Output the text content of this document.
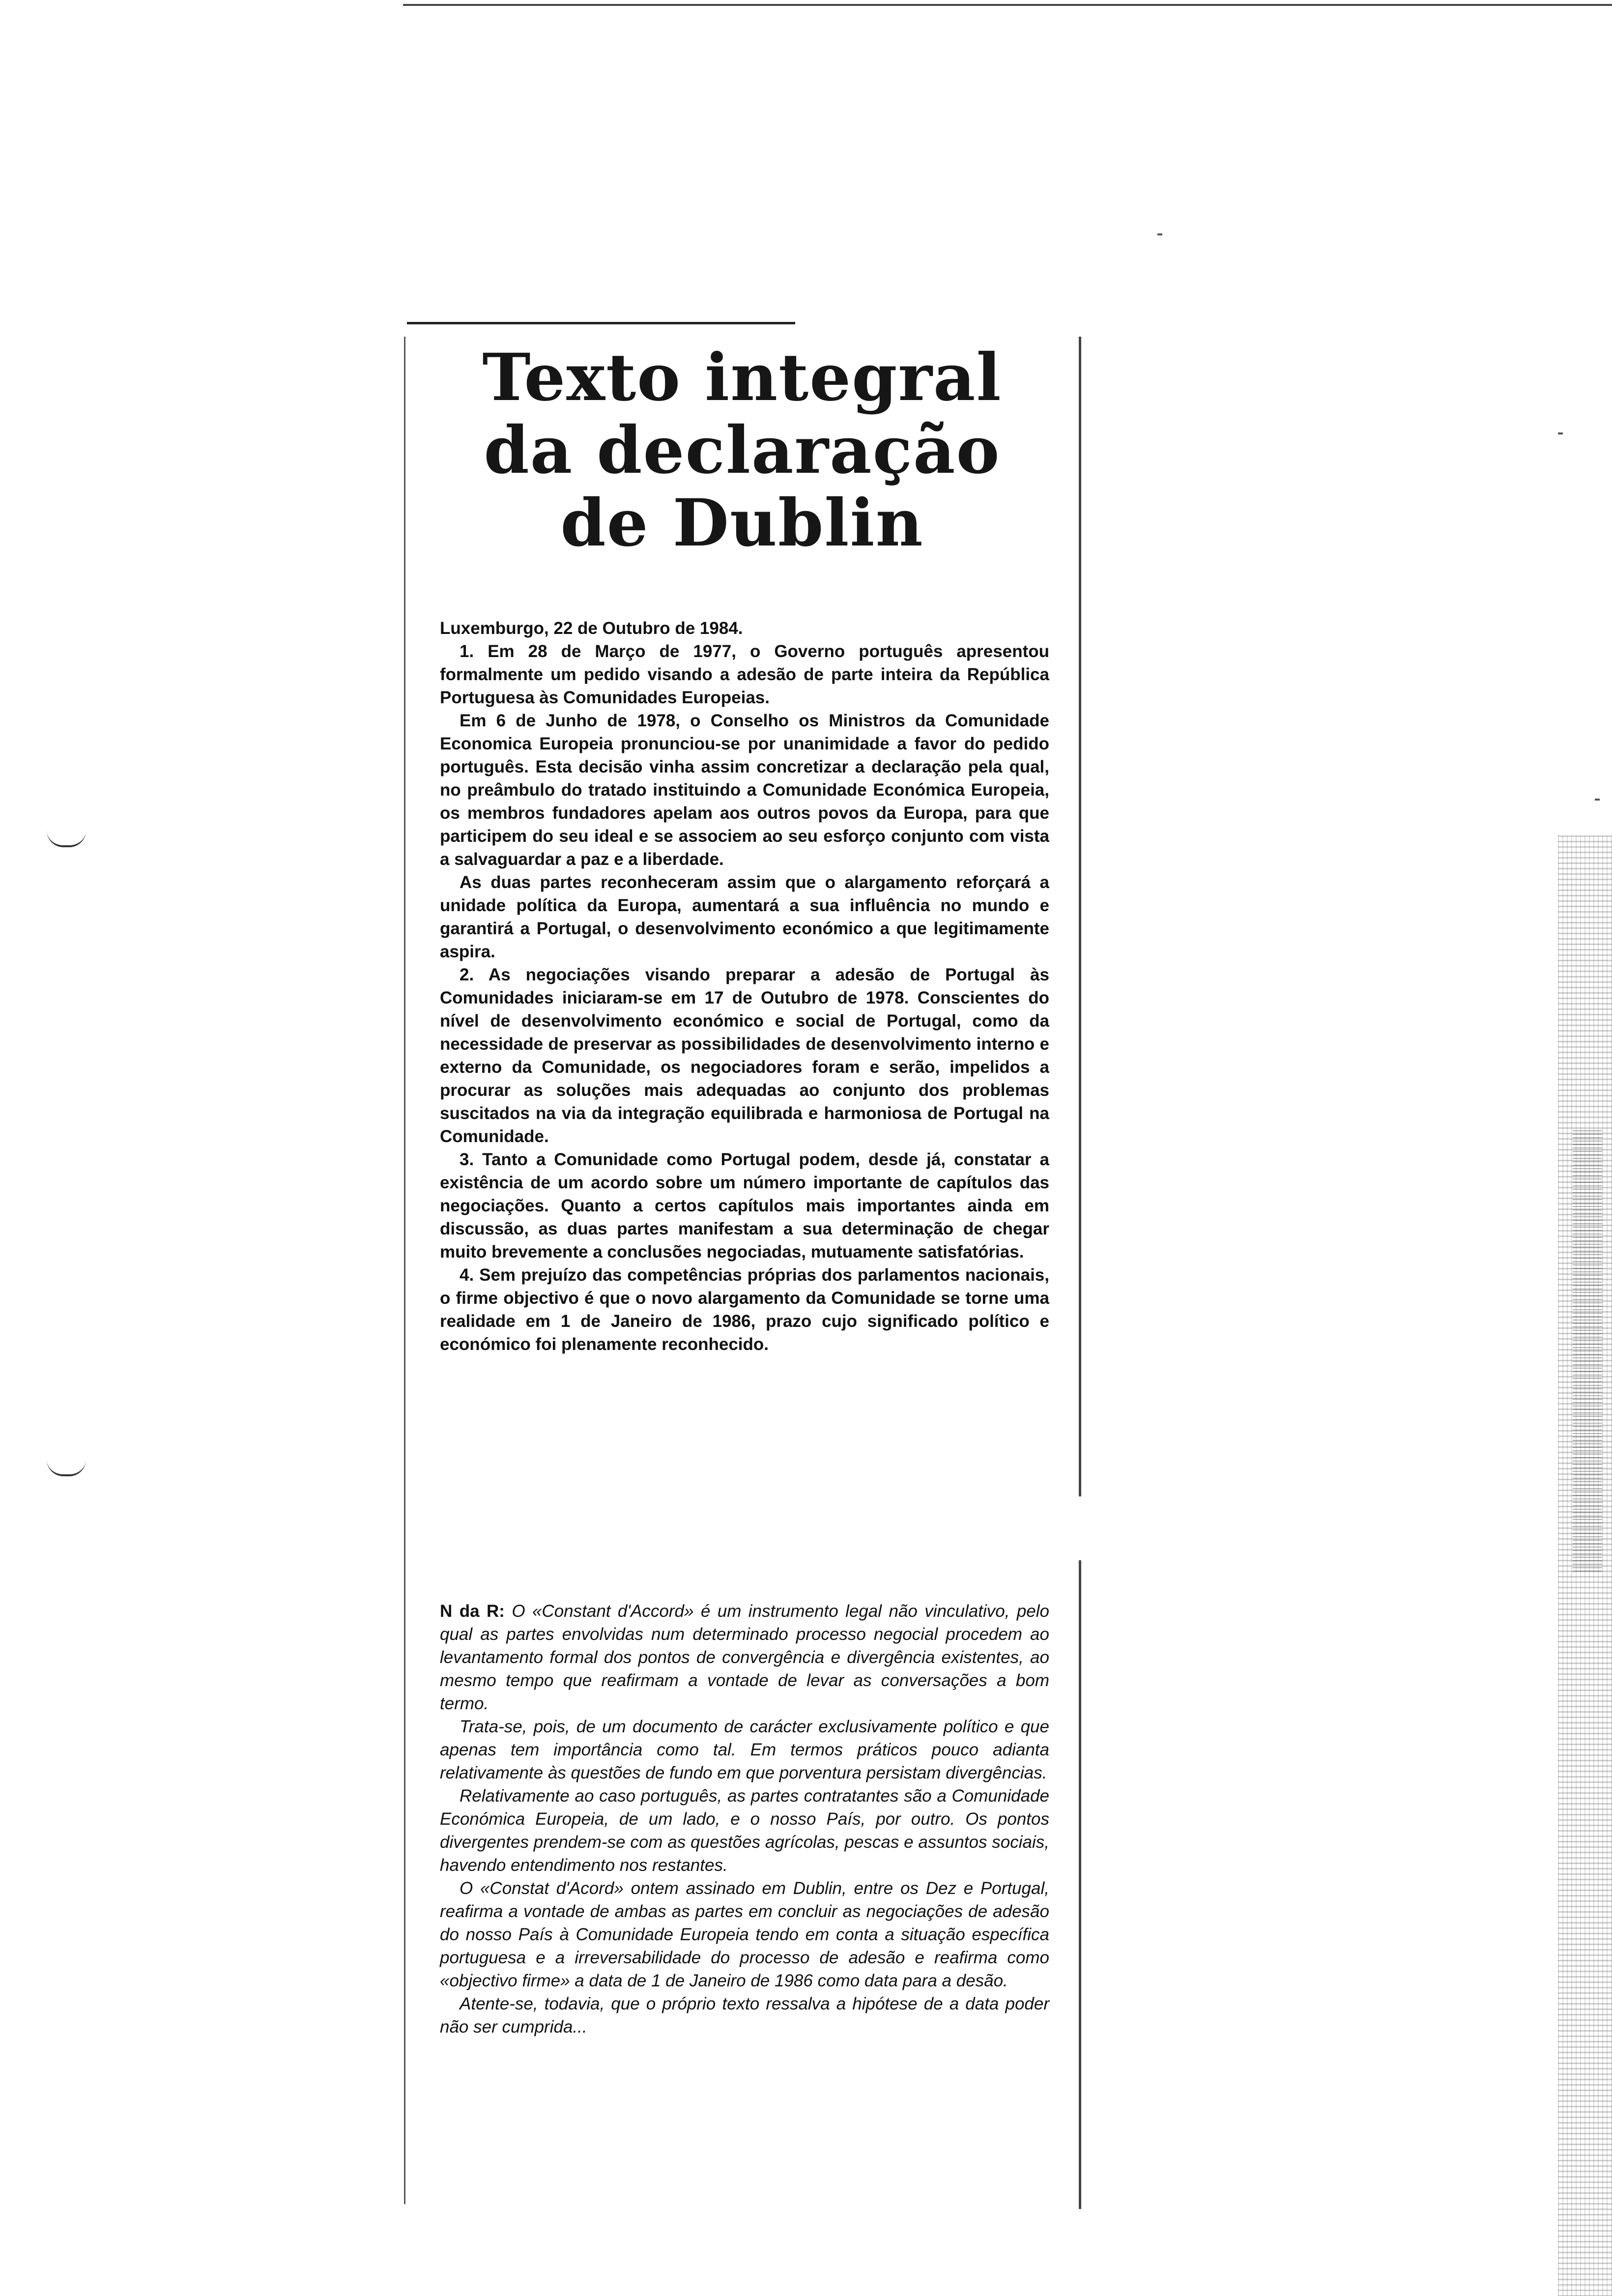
Texto integral
da declaração
de Dublin

Luxemburgo, 22 de Outubro de 1984.

1. Em 28 de Março de 1977, o Governo português apresentou formalmente um pedido visando a adesão de parte inteira da República Portuguesa às Comunidades Europeias.

Em 6 de Junho de 1978, o Conselho os Ministros da Comunidade Economica Europeia pronunciou-se por unanimidade a favor do pedido português. Esta decisão vinha assim concretizar a declaração pela qual, no preâmbulo do tratado instituindo a Comunidade Económica Europeia, os membros fundadores apelam aos outros povos da Europa, para que participem do seu ideal e se associem ao seu esforço conjunto com vista a salvaguardar a paz e a liberdade.

As duas partes reconheceram assim que o alargamento reforçará a unidade política da Europa, aumentará a sua influência no mundo e garantirá a Portugal, o desenvolvimento económico a que legitimamente aspira.

2. As negociações visando preparar a adesão de Portugal às Comunidades iniciaram-se em 17 de Outubro de 1978. Conscientes do nível de desenvolvimento económico e social de Portugal, como da necessidade de preservar as possibilidades de desenvolvimento interno e externo da Comunidade, os negociadores foram e serão, impelidos a procurar as soluções mais adequadas ao conjunto dos problemas suscitados na via da integração equilibrada e harmoniosa de Portugal na Comunidade.

3. Tanto a Comunidade como Portugal podem, desde já, constatar a existência de um acordo sobre um número importante de capítulos das negociações. Quanto a certos capítulos mais importantes ainda em discussão, as duas partes manifestam a sua determinação de chegar muito brevemente a conclusões negociadas, mutuamente satisfatórias.

4. Sem prejuízo das competências próprias dos parlamentos nacionais, o firme objectivo é que o novo alargamento da Comunidade se torne uma realidade em 1 de Janeiro de 1986, prazo cujo significado político e económico foi plenamente reconhecido.

N da R: O «Constant d'Accord» é um instrumento legal não vinculativo, pelo qual as partes envolvidas num determinado processo negocial procedem ao levantamento formal dos pontos de convergência e divergência existentes, ao mesmo tempo que reafirmam a vontade de levar as conversações a bom termo.

Trata-se, pois, de um documento de carácter exclusivamente político e que apenas tem importância como tal. Em termos práticos pouco adianta relativamente às questões de fundo em que porventura persistam divergências.

Relativamente ao caso português, as partes contratantes são a Comunidade Económica Europeia, de um lado, e o nosso País, por outro. Os pontos divergentes prendem-se com as questões agrícolas, pescas e assuntos sociais, havendo entendimento nos restantes.

O «Constat d'Acord» ontem assinado em Dublin, entre os Dez e Portugal, reafirma a vontade de ambas as partes em concluir as negociações de adesão do nosso País à Comunidade Europeia tendo em conta a situação específica portuguesa e a irreversabilidade do processo de adesão e reafirma como «objectivo firme» a data de 1 de Janeiro de 1986 como data para a desão.

Atente-se, todavia, que o próprio texto ressalva a hipótese de a data poder não ser cumprida...
